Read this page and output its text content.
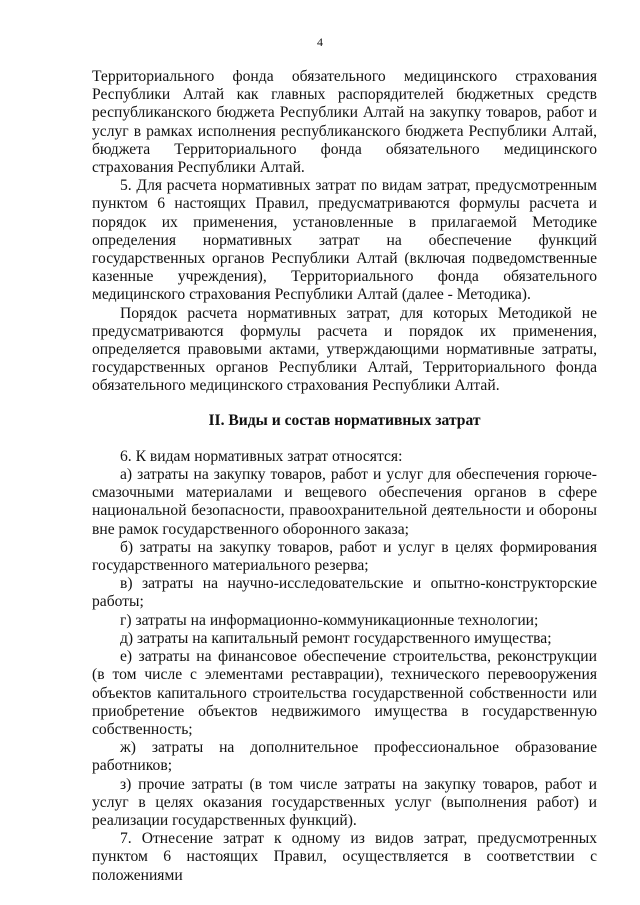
4

Территориального фонда обязательного медицинского страхования Республики Алтай как главных распорядителей бюджетных средств республиканского бюджета Республики Алтай на закупку товаров, работ и услуг в рамках исполнения республиканского бюджета Республики Алтай, бюджета Территориального фонда обязательного медицинского страхования Республики Алтай.

5. Для расчета нормативных затрат по видам затрат, предусмотренным пунктом 6 настоящих Правил, предусматриваются формулы расчета и порядок их применения, установленные в прилагаемой Методике определения нормативных затрат на обеспечение функций государственных органов Республики Алтай (включая подведомственные казенные учреждения), Территориального фонда обязательного медицинского страхования Республики Алтай (далее - Методика).

Порядок расчета нормативных затрат, для которых Методикой не предусматриваются формулы расчета и порядок их применения, определяется правовыми актами, утверждающими нормативные затраты, государственных органов Республики Алтай, Территориального фонда обязательного медицинского страхования Республики Алтай.

II. Виды и состав нормативных затрат

6. К видам нормативных затрат относятся:

а) затраты на закупку товаров, работ и услуг для обеспечения горюче-смазочными материалами и вещевого обеспечения органов в сфере национальной безопасности, правоохранительной деятельности и обороны вне рамок государственного оборонного заказа;

б) затраты на закупку товаров, работ и услуг в целях формирования государственного материального резерва;

в) затраты на научно-исследовательские и опытно-конструкторские работы;

г) затраты на информационно-коммуникационные технологии;

д) затраты на капитальный ремонт государственного имущества;

е) затраты на финансовое обеспечение строительства, реконструкции (в том числе с элементами реставрации), технического перевооружения объектов капитального строительства государственной собственности или приобретение объектов недвижимого имущества в государственную собственность;

ж) затраты на дополнительное профессиональное образование работников;

з) прочие затраты (в том числе затраты на закупку товаров, работ и услуг в целях оказания государственных услуг (выполнения работ) и реализации государственных функций).

7. Отнесение затрат к одному из видов затрат, предусмотренных пунктом 6 настоящих Правил, осуществляется в соответствии с положениями
